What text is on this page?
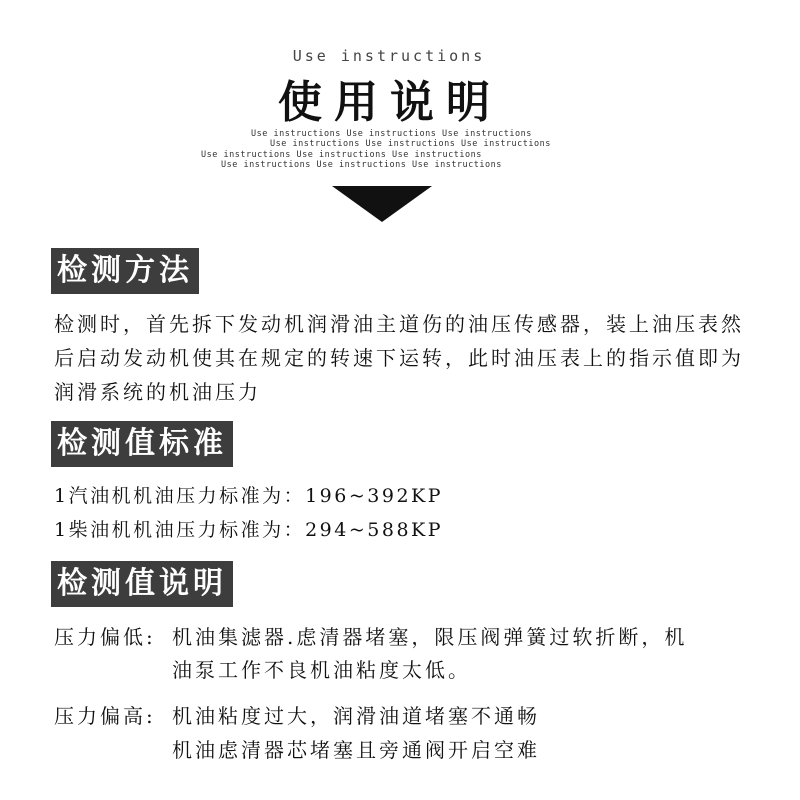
Use instructions
使用说明
Use instructions Use instructions Use instructions
Use instructions Use instructions Use instructions
Use instructions Use instructions Use instructions
Use instructions Use instructions Use instructions
检测方法
检测时，首先拆下发动机润滑油主道伤的油压传感器，装上油压表然后启动发动机使其在规定的转速下运转，此时油压表上的指示值即为润滑系统的机油压力
检测值标准
1汽油机机油压力标准为：196~392KP
1柴油机机油压力标准为：294~588KP
检测值说明
压力偏低: 机油集滤器.虑清器堵塞，限压阀弹簧过软折断，机
油泵工作不良机油粘度太低。
压力偏高: 机油粘度过大，润滑油道堵塞不通畅
机油虑清器芯堵塞且旁通阀开启空难
